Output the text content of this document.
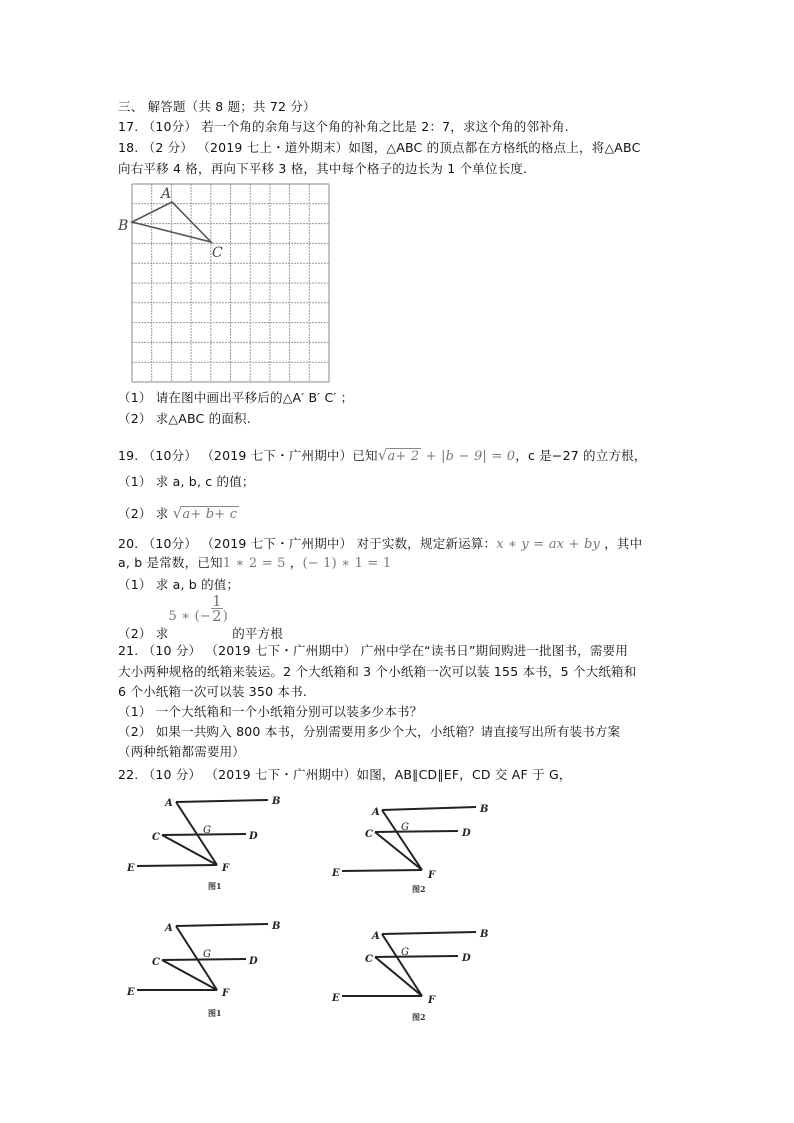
三、 解答题（共 8 题；共 72 分）
17. （10分） 若一个角的余角与这个角的补角之比是 2：7，求这个角的邻补角.
18. （2 分） （2019 七上・道外期末）如图，△ABC 的顶点都在方格纸的格点上，将△ABC
向右平移 4 格，再向下平移 3 格，其中每个格子的边长为 1 个单位长度.
A
B
C
（1） 请在图中画出平移后的△A′ B′ C′ ；
（2） 求△ABC 的面积.
19. （10分） （2019 七下・广州期中）已知√a+ 2 + |b − 9| = 0，c 是−27 的立方根，
（1） 求 a, b, c 的值；
（2） 求 √a+ b+ c
20. （10分） （2019 七下・广州期中） 对于实数，规定新运算：x ∗ y = ax + by ，其中
a, b 是常数，已知1 ∗ 2 = 5 ，(− 1) ∗ 1 = 1
（1） 求 a, b 的值；
（2） 求5 ∗ (− $\frac{1}{2}$ ) 的平方根
21. （10 分） （2019 七下・广州期中） 广州中学在“读书日”期间购进一批图书，需要用
大小两种规格的纸箱来装运。2 个大纸箱和 3 个小纸箱一次可以装 155 本书，5 个大纸箱和
6 个小纸箱一次可以装 350 本书.
（1） 一个大纸箱和一个小纸箱分别可以装多少本书？
（2） 如果一共购入 800 本书，分别需要用多少个大，小纸箱？请直接写出所有装书方案
（两种纸箱都需要用）
22. （10 分） （2019 七下・广州期中）如图，AB∥CD∥EF，CD 交 AF 于 G，
A	B
C
G
D
E	F
图1
A	B
C
G
D
E	F
图2
A	B
C
G
D
E	F
图1
A	B
C
G
D
E	F
图2
